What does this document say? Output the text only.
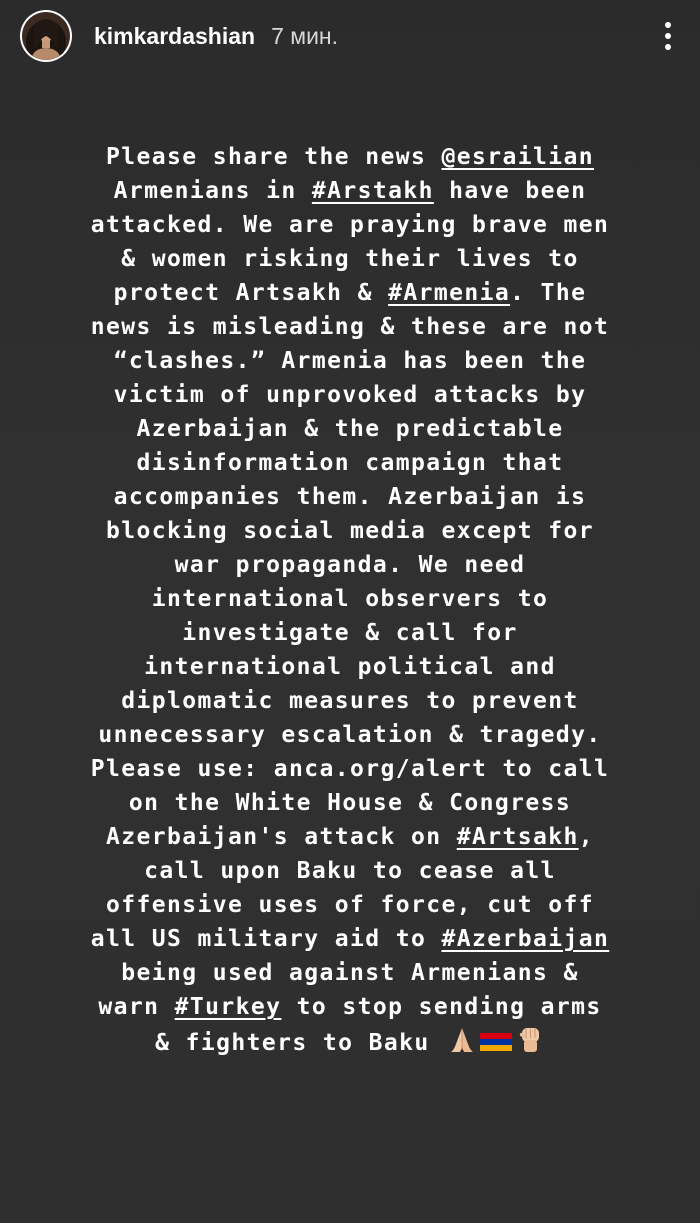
kimkardashian 7 мин.
Please share the news @esrailian
Armenians in #Arstakh have been
attacked. We are praying brave men
& women risking their lives to
protect Artsakh & #Armenia. The
news is misleading & these are not
“clashes.” Armenia has been the
victim of unprovoked attacks by
Azerbaijan & the predictable
disinformation campaign that
accompanies them. Azerbaijan is
blocking social media except for
war propaganda. We need
international observers to
investigate & call for
international political and
diplomatic measures to prevent
unnecessary escalation & tragedy.
Please use: anca.org/alert to call
on the White House & Congress
Azerbaijan's attack on #Artsakh,
call upon Baku to cease all
offensive uses of force, cut off
all US military aid to #Azerbaijan
being used against Armenians &
warn #Turkey to stop sending arms
& fighters to Baku
